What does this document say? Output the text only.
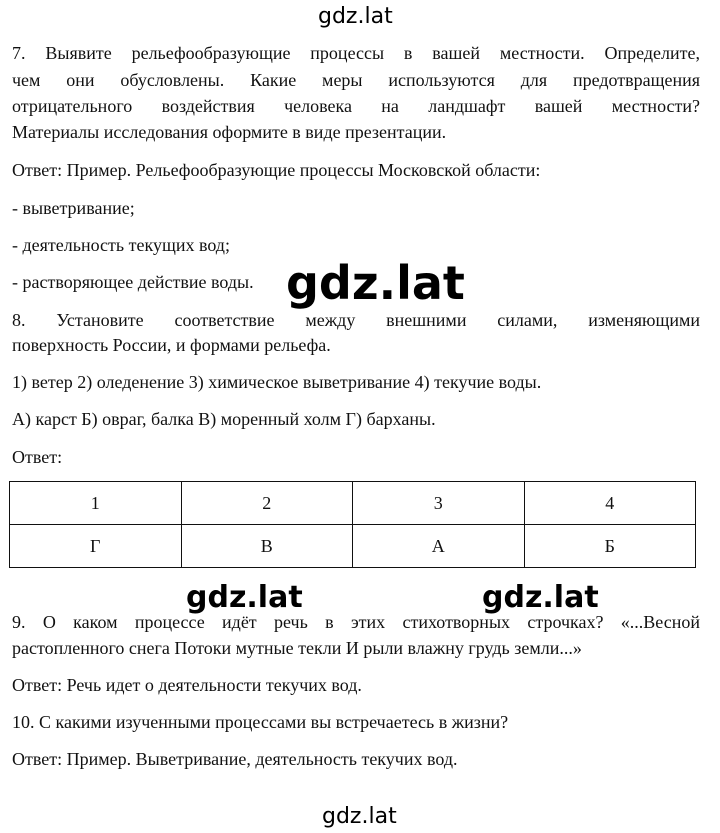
gdz.lat

7. Выявите рельефообразующие процессы в вашей местности. Определите,

чем они обусловлены. Какие меры используются для предотвращения

отрицательного воздействия человека на ландшафт вашей местности?

Материалы исследования оформите в виде презентации.

Ответ: Пример. Рельефообразующие процессы Московской области:

- выветривание;

- деятельность текущих вод;

- растворяющее действие воды. gdz.lat

8. Установите соответствие между внешними силами, изменяющими

поверхность России, и формами рельефа.

1) ветер 2) оледенение 3) химическое выветривание 4) текучие воды.

А) карст Б) овраг, балка В) моренный холм Г) барханы.

Ответ:

1	2	3	4
Г	В	А	Б
gdz.lat	gdz.lat

9. О каком процессе идёт речь в этих стихотворных строчках? «...Весной

растопленного снега Потоки мутные текли И рыли влажну грудь земли...»

Ответ: Речь идет о деятельности текучих вод.

10. С какими изученными процессами вы встречаетесь в жизни?

Ответ: Пример. Выветривание, деятельность текучих вод.

gdz.lat
